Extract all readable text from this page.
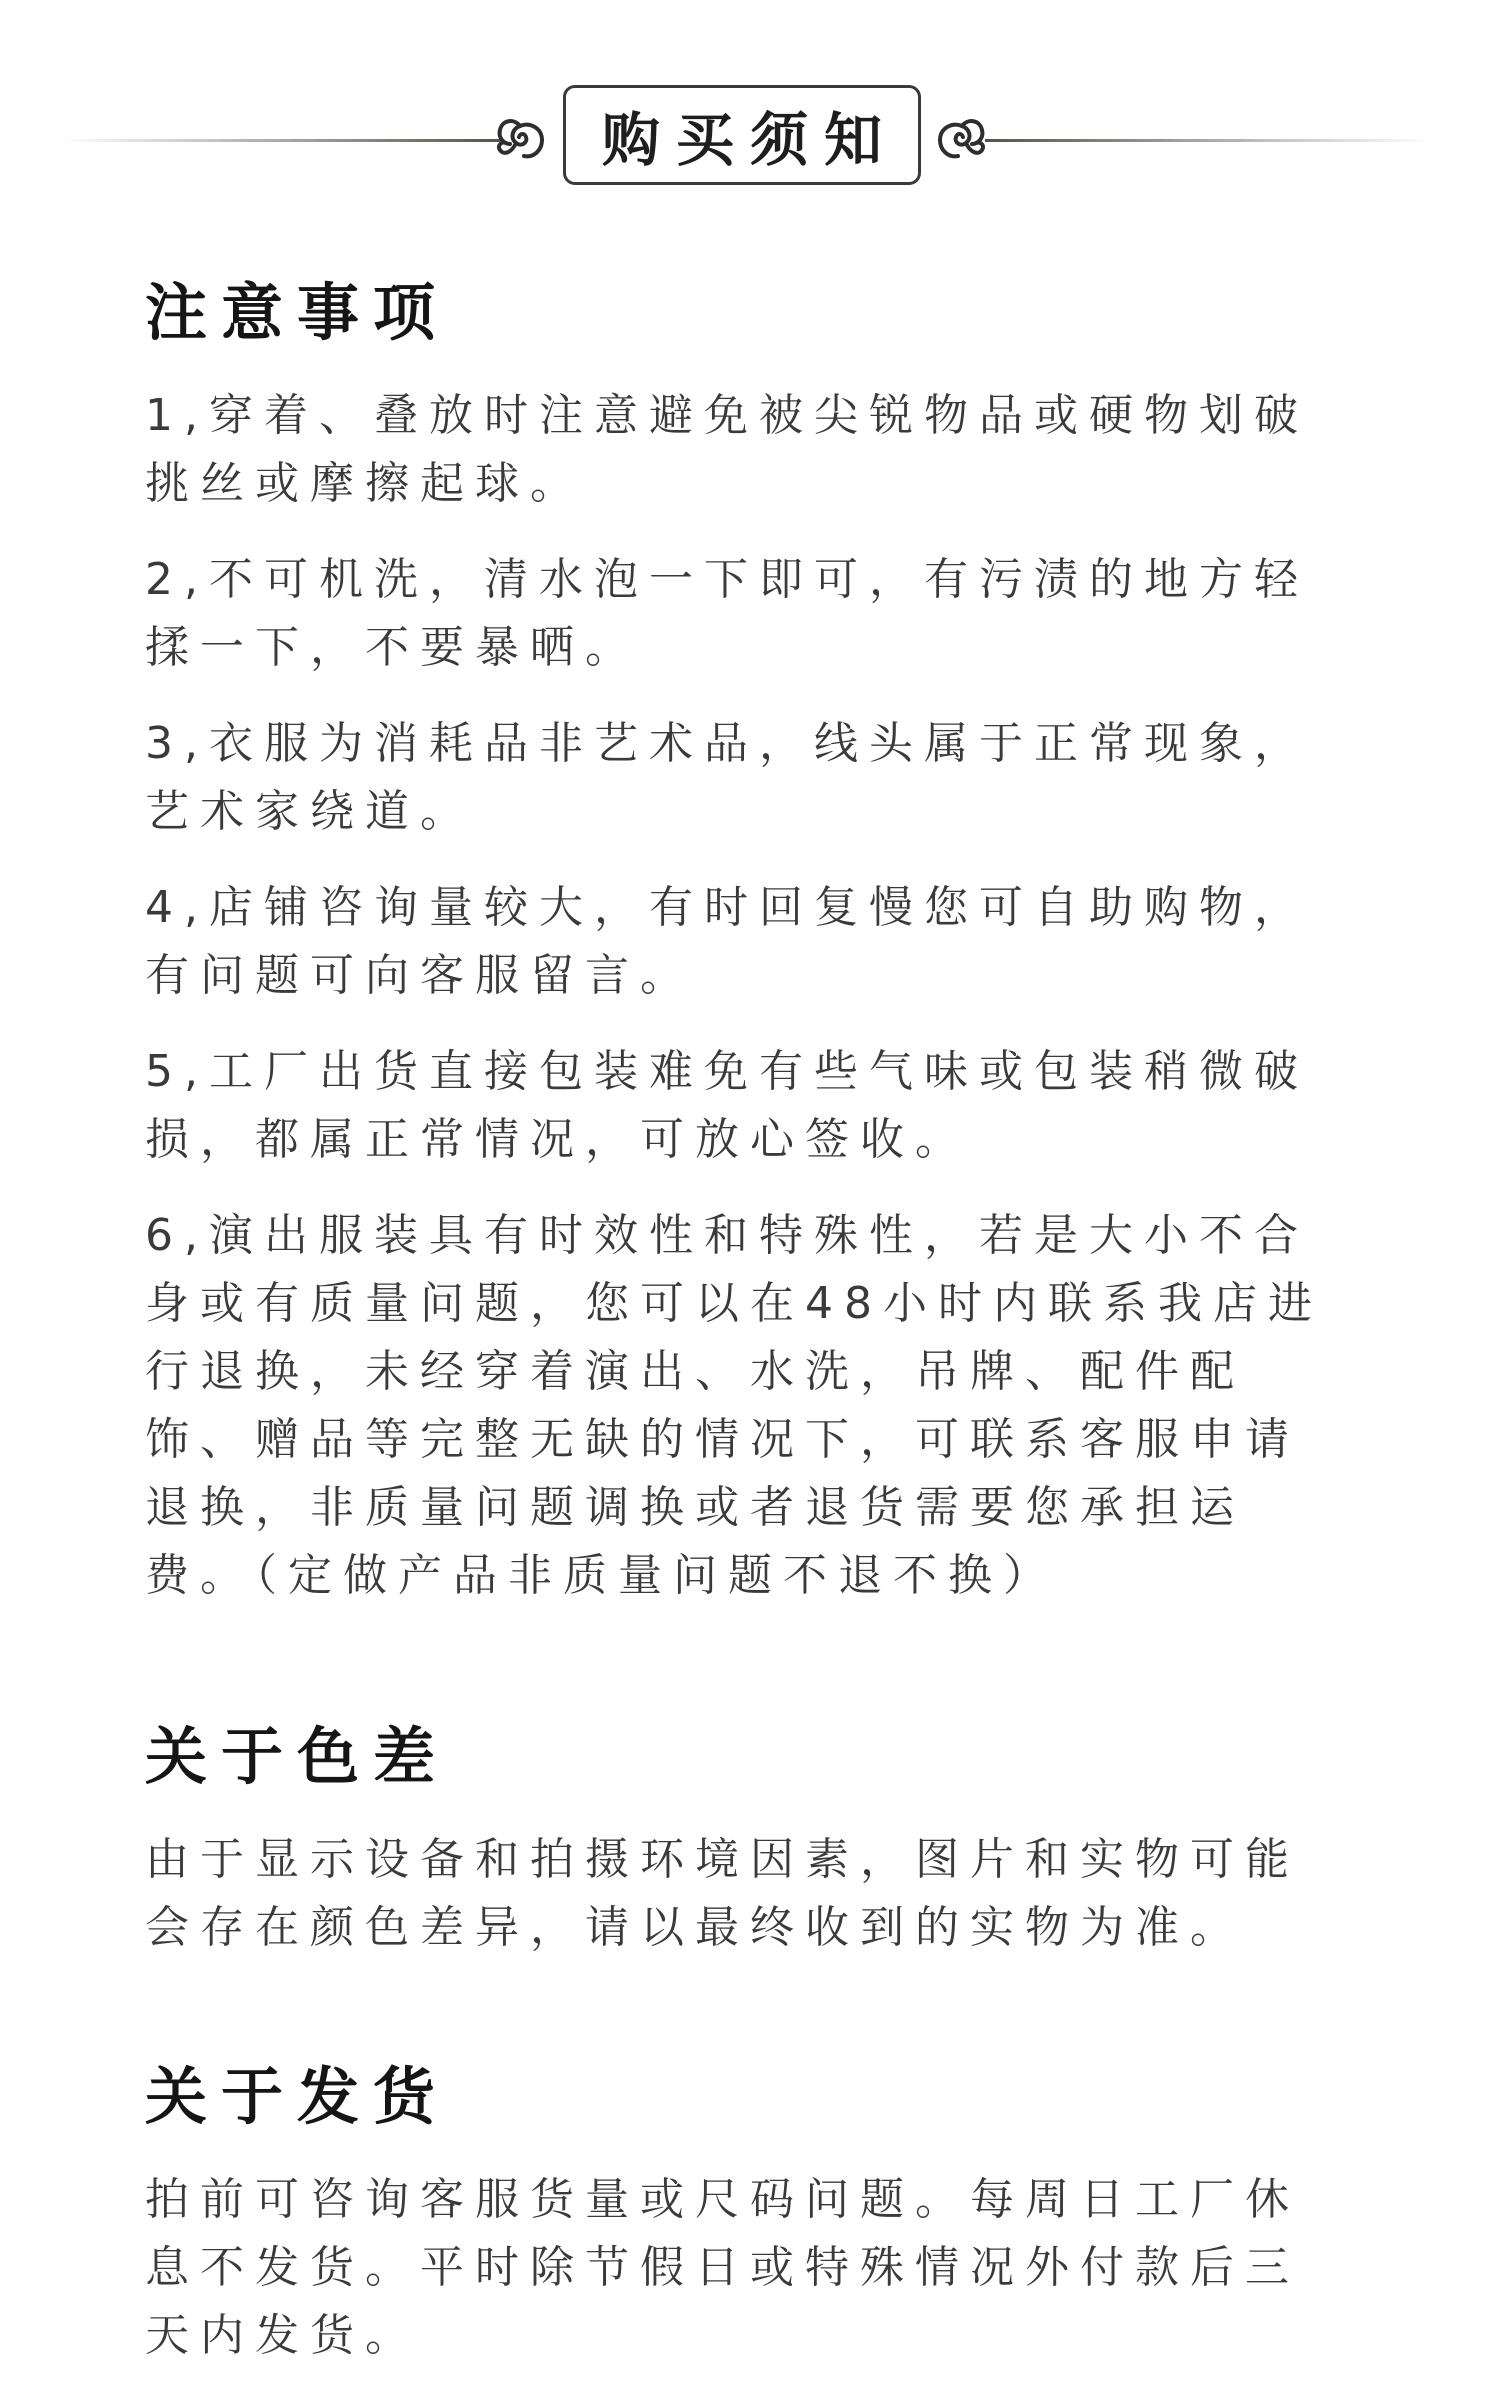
购买须知
注意事项

1,穿着、叠放时注意避免被尖锐物品或硬物划破挑丝或摩擦起球。

2,不可机洗，清水泡一下即可，有污渍的地方轻揉一下，不要暴晒。

3,衣服为消耗品非艺术品，线头属于正常现象，艺术家绕道。

4,店铺咨询量较大，有时回复慢您可自助购物，有问题可向客服留言。

5,工厂出货直接包装难免有些气味或包装稍微破损，都属正常情况，可放心签收。

6,演出服装具有时效性和特殊性，若是大小不合身或有质量问题，您可以在48小时内联系我店进行退换，未经穿着演出、水洗，吊牌、配件配饰、赠品等完整无缺的情况下，可联系客服申请退换，非质量问题调换或者退货需要您承担运费。（定做产品非质量问题不退不换）

关于色差

由于显示设备和拍摄环境因素，图片和实物可能会存在颜色差异，请以最终收到的实物为准。

关于发货

拍前可咨询客服货量或尺码问题。每周日工厂休息不发货。平时除节假日或特殊情况外付款后三天内发货。
